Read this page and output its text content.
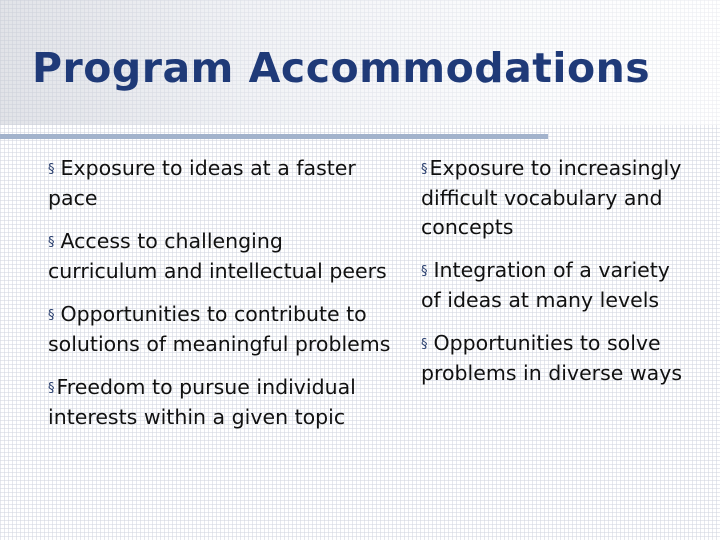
Program Accommodations

§ Exposure to ideas at a faster pace

§ Access to challenging curriculum and intellectual peers

§ Opportunities to contribute to solutions of meaningful problems

§Freedom to pursue individual interests within a given topic

§Exposure to increasingly difficult vocabulary and concepts

§ Integration of a variety of ideas at many levels

§ Opportunities to solve problems in diverse ways
